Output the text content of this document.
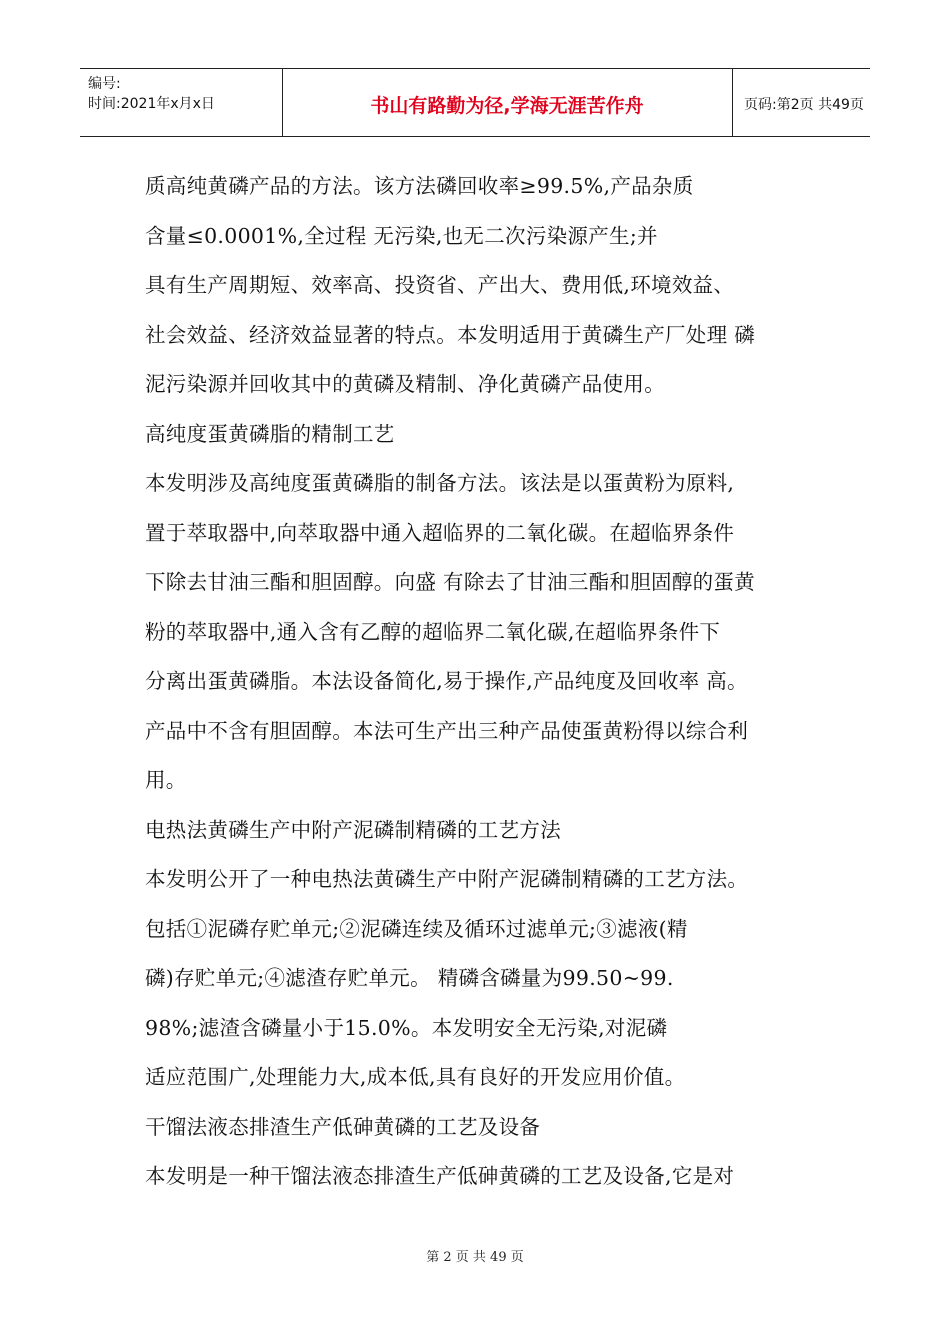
编号:
时间:2021年x月x日	书山有路勤为径,学海无涯苦作舟	页码:第2页 共49页
质高纯黄磷产品的方法。该方法磷回收率≥99.5%,产品杂质
含量≤0.0001%,全过程 无污染,也无二次污染源产生;并
具有生产周期短、效率高、投资省、产出大、费用低,环境效益、
社会效益、经济效益显著的特点。本发明适用于黄磷生产厂处理 磷
泥污染源并回收其中的黄磷及精制、净化黄磷产品使用。
高纯度蛋黄磷脂的精制工艺
本发明涉及高纯度蛋黄磷脂的制备方法。该法是以蛋黄粉为原料,
置于萃取器中,向萃取器中通入超临界的二氧化碳。在超临界条件
下除去甘油三酯和胆固醇。向盛 有除去了甘油三酯和胆固醇的蛋黄
粉的萃取器中,通入含有乙醇的超临界二氧化碳,在超临界条件下
分离出蛋黄磷脂。本法设备简化,易于操作,产品纯度及回收率 高。
产品中不含有胆固醇。本法可生产出三种产品使蛋黄粉得以综合利
用。
电热法黄磷生产中附产泥磷制精磷的工艺方法
本发明公开了一种电热法黄磷生产中附产泥磷制精磷的工艺方法。
包括①泥磷存贮单元;②泥磷连续及循环过滤单元;③滤液(精
磷)存贮单元;④滤渣存贮单元。 精磷含磷量为99.50~99.
98%;滤渣含磷量小于15.0%。本发明安全无污染,对泥磷
适应范围广,处理能力大,成本低,具有良好的开发应用价值。
干馏法液态排渣生产低砷黄磷的工艺及设备
本发明是一种干馏法液态排渣生产低砷黄磷的工艺及设备,它是对
第 2 页 共 49 页
